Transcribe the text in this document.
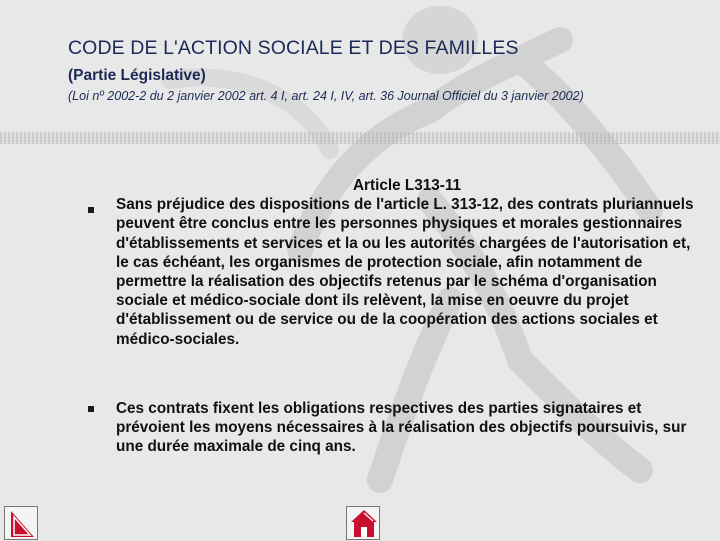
CODE DE L'ACTION SOCIALE ET DES FAMILLES
(Partie Législative)
(Loi nº 2002-2 du 2 janvier 2002 art. 4 I, art. 24 I, IV, art. 36 Journal Officiel du 3 janvier 2002)
Article L313-11
Sans préjudice des dispositions de l'article L. 313-12, des contrats pluriannuels peuvent être conclus entre les personnes physiques et morales gestionnaires d'établissements et services et la ou les autorités chargées de l'autorisation et, le cas échéant, les organismes de protection sociale, afin notamment de permettre la réalisation des objectifs retenus par le schéma d'organisation sociale et médico-sociale dont ils relèvent, la mise en oeuvre du projet d'établissement ou de service ou de la coopération des actions sociales et médico-sociales.
Ces contrats fixent les obligations respectives des parties signataires et prévoient les moyens nécessaires à la réalisation des objectifs poursuivis, sur une durée maximale de cinq ans.
